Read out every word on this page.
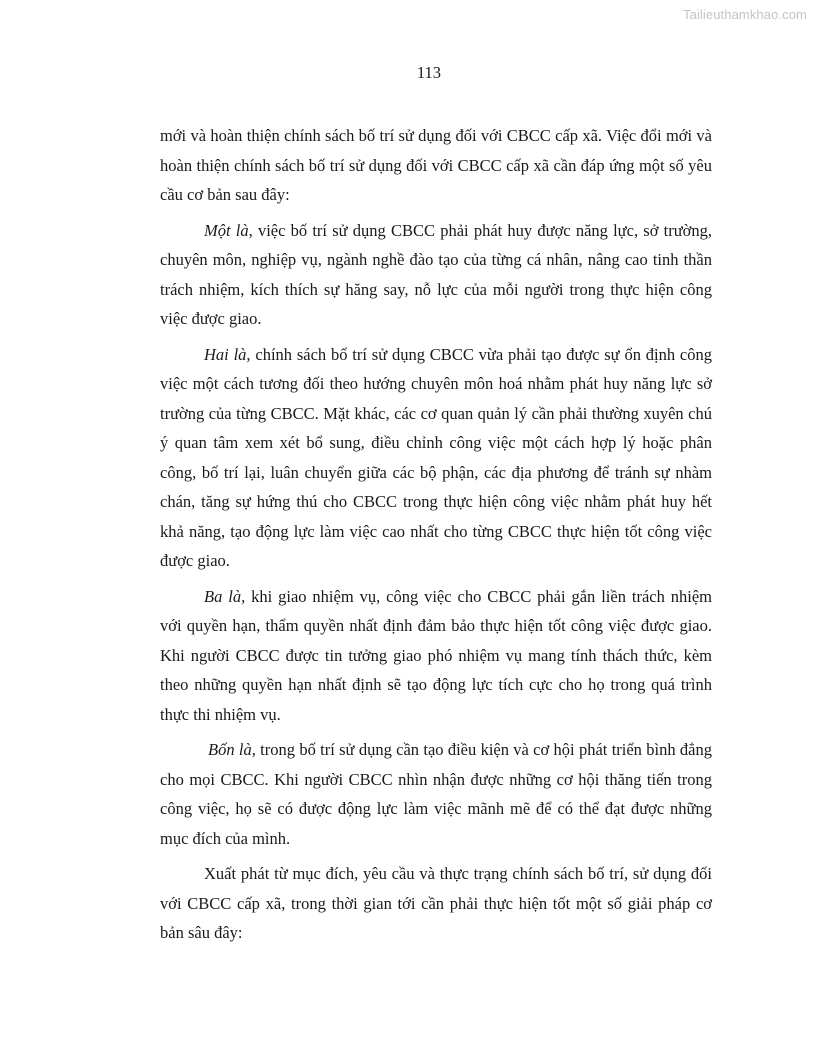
Tailieuthamkhao.com
113

mới và hoàn thiện chính sách bố trí sử dụng đối với CBCC cấp xã. Việc đổi mới và hoàn thiện chính sách bố trí sử dụng đối với CBCC cấp xã cần đáp ứng một số yêu cầu cơ bản sau đây:

Một là, việc bố trí sử dụng CBCC phải phát huy được năng lực, sở trường, chuyên môn, nghiệp vụ, ngành nghề đào tạo của từng cá nhân, nâng cao tinh thần trách nhiệm, kích thích sự hăng say, nỗ lực của mỗi người trong thực hiện công việc được giao.

Hai là, chính sách bố trí sử dụng CBCC vừa phải tạo được sự ổn định công việc một cách tương đối theo hướng chuyên môn hoá nhằm phát huy năng lực sở trường của từng CBCC. Mặt khác, các cơ quan quản lý cần phải thường xuyên chú ý quan tâm xem xét bổ sung, điều chỉnh công việc một cách hợp lý hoặc phân công, bố trí lại, luân chuyển giữa các bộ phận, các địa phương để tránh sự nhàm chán, tăng sự hứng thú cho CBCC trong thực hiện công việc nhằm phát huy hết khả năng, tạo động lực làm việc cao nhất cho từng CBCC thực hiện tốt công việc được giao.

Ba là, khi giao nhiệm vụ, công việc cho CBCC phải gắn liền trách nhiệm với quyền hạn, thẩm quyền nhất định đảm bảo thực hiện tốt công việc được giao. Khi người CBCC được tin tưởng giao phó nhiệm vụ mang tính thách thức, kèm theo những quyền hạn nhất định sẽ tạo động lực tích cực cho họ trong quá trình thực thi nhiệm vụ.

Bốn là, trong bố trí sử dụng cần tạo điều kiện và cơ hội phát triển bình đẳng cho mọi CBCC. Khi người CBCC nhìn nhận được những cơ hội thăng tiến trong công việc, họ sẽ có được động lực làm việc mãnh mẽ để có thể đạt được những mục đích của mình.

Xuất phát từ mục đích, yêu cầu và thực trạng chính sách bố trí, sử dụng đối với CBCC cấp xã, trong thời gian tới cần phải thực hiện tốt một số giải pháp cơ bản sâu đây:
